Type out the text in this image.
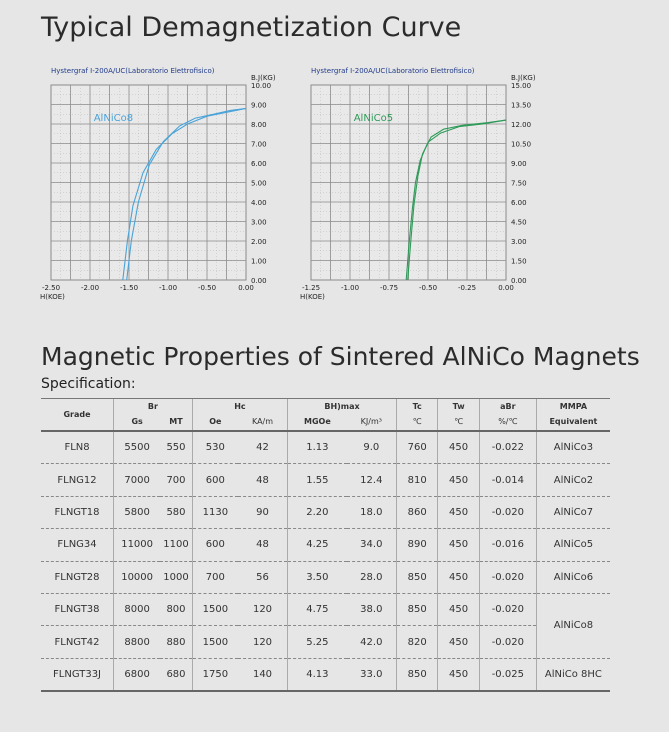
Typical Demagnetization Curve
Hystergraf I-200A/UC(Laboratorio Elettrofisico)
B.J(KG)
10.00
9.00
8.00
7.00
6.00
5.00
4.00
3.00
2.00
1.00
0.00
-2.50	-2.00	-1.50	-1.00	-0.50	0.00
H(KOE)
AlNiCo8
Hystergraf I-200A/UC(Laboratorio Elettrofisico)
B.J(KG)
15.00
13.50
12.00
10.50
9.00
7.50
6.00
4.50
3.00
1.50
0.00
-1.25	-1.00	-0.75	-0.50	-0.25	0.00
H(KOE)
AlNiCo5
Magnetic Properties of Sintered AlNiCo Magnets
Specification:
Grade	Br		Hc		BH)max		Tc	Tw	aBr	MMPA
	Gs	MT	Oe	KA/m	MGOe	KJ/m³	℃	℃	%/℃	Equivalent
FLN8	5500	550	530	42	1.13	9.0	760	450	-0.022	AlNiCo3
FLNG12	7000	700	600	48	1.55	12.4	810	450	-0.014	AlNiCo2
FLNGT18	5800	580	1130	90	2.20	18.0	860	450	-0.020	AlNiCo7
FLNG34	11000	1100	600	48	4.25	34.0	890	450	-0.016	AlNiCo5
FLNGT28	10000	1000	700	56	3.50	28.0	850	450	-0.020	AlNiCo6
FLNGT38	8000	800	1500	120	4.75	38.0	850	450	-0.020	AlNiCo8
FLNGT42	8800	880	1500	120	5.25	42.0	820	450	-0.020	
FLNGT33J	6800	680	1750	140	4.13	33.0	850	450	-0.025	AlNiCo 8HC
